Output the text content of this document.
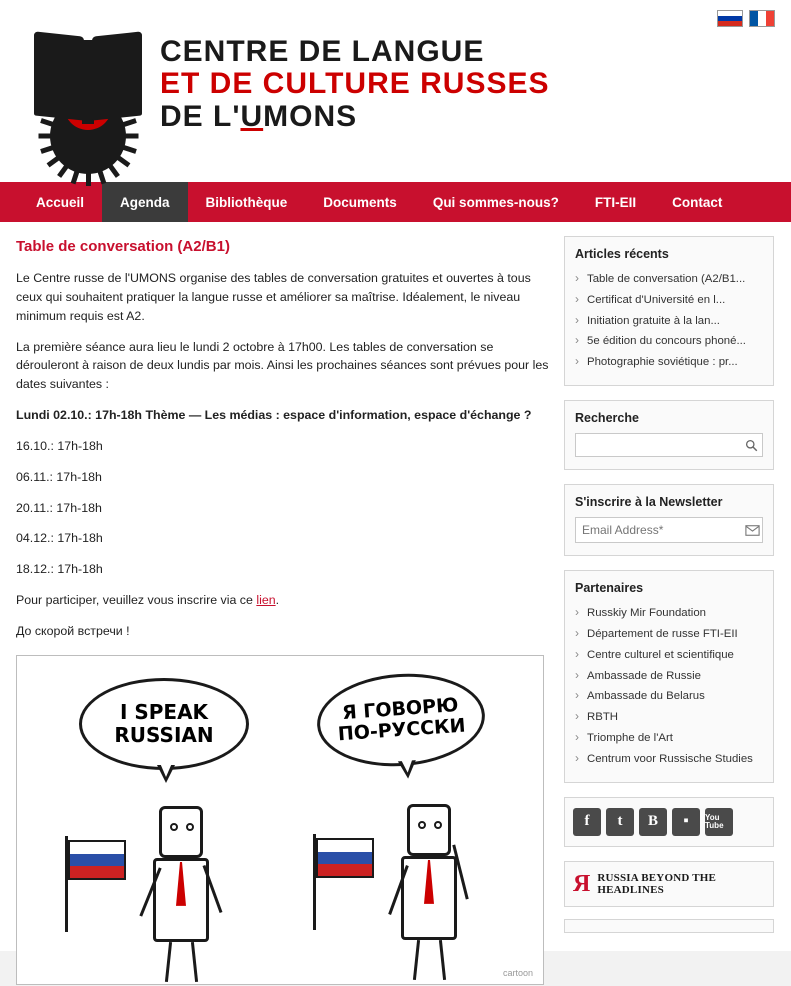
CENTRE DE LANGUE
ET DE CULTURE RUSSES
DE L'UMONS
Accueil	Agenda	Bibliothèque	Documents	Qui sommes-nous?	FTI-EII	Contact
Table de conversation (A2/B1)

Le Centre russe de l'UMONS organise des tables de conversation gratuites et ouvertes à tous ceux qui souhaitent pratiquer la langue russe et améliorer sa maîtrise. Idéalement, le niveau minimum requis est A2.

La première séance aura lieu le lundi 2 octobre à 17h00. Les tables de conversation se dérouleront à raison de deux lundis par mois. Ainsi les prochaines séances sont prévues pour les dates suivantes :

Lundi 02.10.: 17h-18h Thème — Les médias : espace d'information, espace d'échange ?

16.10.: 17h-18h

06.11.: 17h-18h

20.11.: 17h-18h

04.12.: 17h-18h

18.12.: 17h-18h

Pour participer, veuillez vous inscrire via ce lien.

До скорой встречи !

I SPEAK RUSSIAN
Я ГОВОРЮ ПО-РУССКИ
cartoon
Articles récents
› Table de conversation (A2/B1...
› Certificat d'Université en l...
› Initiation gratuite à la lan...
› 5e édition du concours phoné...
› Photographie soviétique : pr...
Recherche
S'inscrire à la Newsletter
Email Address*
Partenaires
› Russkiy Mir Foundation
› Département de russe FTI-EII
› Centre culturel et scientifique
› Ambassade de Russie
› Ambassade du Belarus
› RBTH
› Triomphe de l'Art
› Centrum voor Russische Studies
f	t	B	▪	You Tube
Я RUSSIA BEYOND THE HEADLINES
